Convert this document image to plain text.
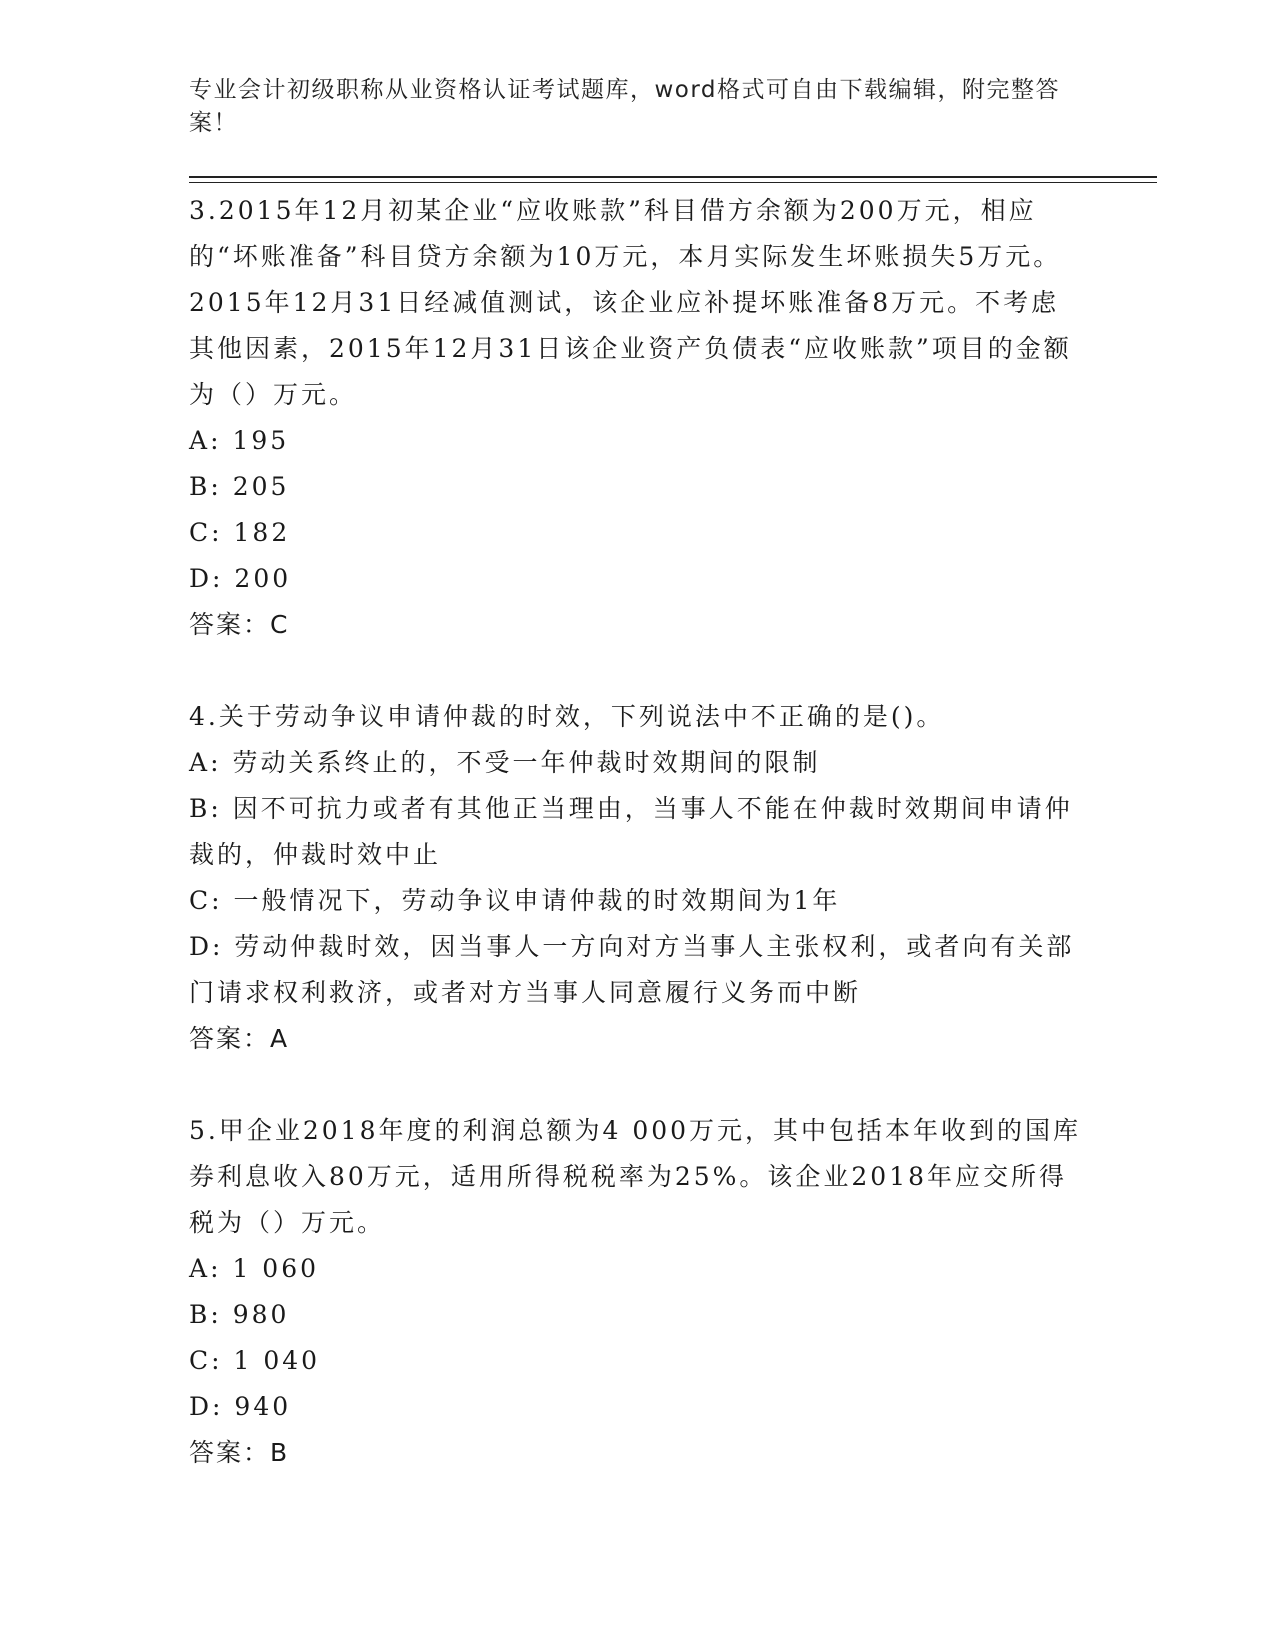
专业会计初级职称从业资格认证考试题库，word格式可自由下载编辑，附完整答案！

3.2015年12月初某企业“应收账款”科目借方余额为200万元，相应的“坏账准备”科目贷方余额为10万元，本月实际发生坏账损失5万元。2015年12月31日经减值测试，该企业应补提坏账准备8万元。不考虑其他因素，2015年12月31日该企业资产负债表“应收账款”项目的金额为（）万元。

A : 195

B : 205

C : 182

D : 200

答案：C

4.关于劳动争议申请仲裁的时效，下列说法中不正确的是()。

A : 劳动关系终止的，不受一年仲裁时效期间的限制

B : 因不可抗力或者有其他正当理由，当事人不能在仲裁时效期间申请仲裁的，仲裁时效中止

C : 一般情况下，劳动争议申请仲裁的时效期间为1年

D : 劳动仲裁时效，因当事人一方向对方当事人主张权利，或者向有关部门请求权利救济，或者对方当事人同意履行义务而中断

答案：A

5.甲企业2018年度的利润总额为4 000万元，其中包括本年收到的国库券利息收入80万元，适用所得税税率为25%。该企业2018年应交所得税为（）万元。

A : 1 060

B : 980

C : 1 040

D : 940

答案：B
